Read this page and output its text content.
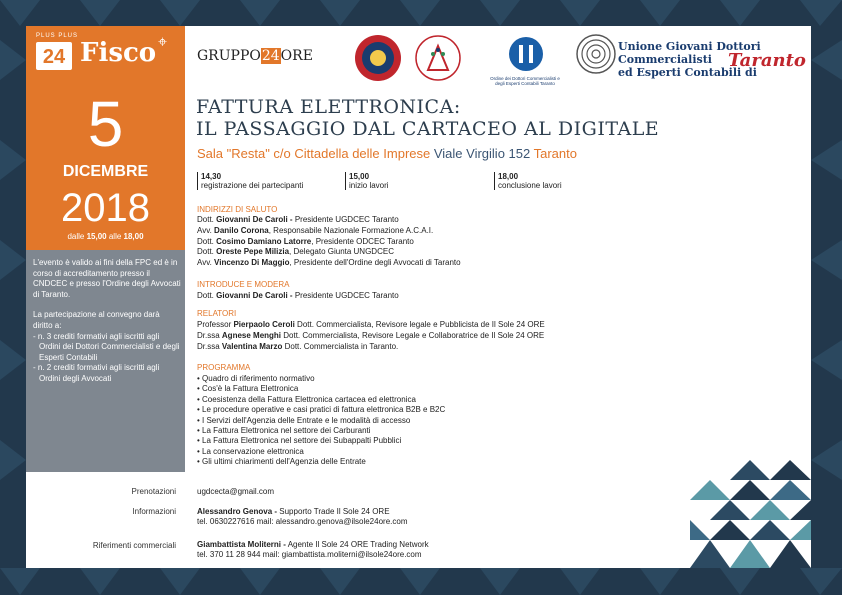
PLUS PLUS
24 Fisco ⌖
5
DICEMBRE
2018
dalle 15,00 alle 18,00

L'evento è valido ai fini della FPC ed è in corso di accreditamento presso il CNDCEC e presso l'Ordine degli Avvocati di Taranto.

La partecipazione al convegno darà diritto a:

- n. 3 crediti formativi agli iscritti agli Ordini dei Dottori Commercialisti e degli Esperti Contabili
- n. 2 crediti formativi agli iscritti agli Ordini degli Avvocati
Prenotazioni
Informazioni
Riferimenti commerciali
GRUPPO24ORE
Ordine dei Dottori Commercialisti e degli Esperti Contabili Taranto
Unione Giovani Dottori Commercialisti
ed Esperti Contabili di
Taranto
FATTURA ELETTRONICA:
IL PASSAGGIO DAL CARTACEO AL DIGITALE
Sala "Resta" c/o Cittadella delle Imprese Viale Virgilio 152 Taranto
14,30
registrazione dei partecipanti
15,00
inizio lavori
18,00
conclusione lavori
INDIRIZZI DI SALUTO
Dott. Giovanni De Caroli - Presidente UGDCEC Taranto
Avv. Danilo Corona, Responsabile Nazionale Formazione A.C.A.I.
Dott. Cosimo Damiano Latorre, Presidente ODCEC Taranto
Dott. Oreste Pepe Milizia, Delegato Giunta UNGDCEC
Avv. Vincenzo Di Maggio, Presidente dell'Ordine degli Avvocati di Taranto
INTRODUCE E MODERA
Dott. Giovanni De Caroli - Presidente UGDCEC Taranto
RELATORI
Professor Pierpaolo Ceroli Dott. Commercialista, Revisore legale e Pubblicista de Il Sole 24 ORE
Dr.ssa Agnese Menghi Dott. Commercialista, Revisore Legale e Collaboratrice de Il Sole 24 ORE
Dr.ssa Valentina Marzo Dott. Commercialista in Taranto.
PROGRAMMA
• Quadro di riferimento normativo
• Cos'è la Fattura Elettronica
• Coesistenza della Fattura Elettronica cartacea ed elettronica
• Le procedure operative e casi pratici di fattura elettronica B2B e B2C
• I Servizi dell'Agenzia delle Entrate e le modalità di accesso
• La Fattura Elettronica nel settore dei Carburanti
• La Fattura Elettronica nel settore dei Subappalti Pubblici
• La conservazione elettronica
• Gli ultimi chiarimenti dell'Agenzia delle Entrate
ugdcecta@gmail.com
Alessandro Genova - Supporto Trade Il Sole 24 ORE
tel. 0630227616 mail: alessandro.genova@ilsole24ore.com
Giambattista Moliterni - Agente Il Sole 24 ORE Trading Network
tel. 370 11 28 944 mail: giambattista.moliterni@ilsole24ore.com
